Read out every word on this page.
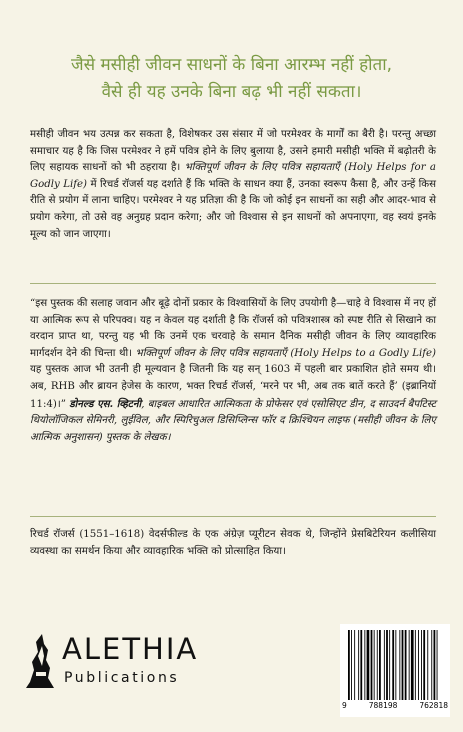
जैसे मसीही जीवन साधनों के बिना आरम्भ नहीं होता,
वैसे ही यह उनके बिना बढ़ भी नहीं सकता।
मसीही जीवन भय उत्पन्न कर सकता है, विशेषकर उस संसार में जो परमेश्वर के मार्गों का बैरी है। परन्तु अच्छा समाचार यह है कि जिस परमेश्वर ने हमें पवित्र होने के लिए बुलाया है, उसने हमारी मसीही भक्ति में बढ़ोतरी के लिए सहायक साधनों को भी ठहराया है। भक्तिपूर्ण जीवन के लिए पवित्र सहायताएँ (Holy Helps for a Godly Life) में रिचर्ड रॉजर्स यह दर्शाते हैं कि भक्ति के साधन क्या हैं, उनका स्वरूप कैसा है, और उन्हें किस रीति से प्रयोग में लाना चाहिए। परमेश्वर ने यह प्रतिज्ञा की है कि जो कोई इन साधनों का सही और आदर-भाव से प्रयोग करेगा, तो उसे वह अनुग्रह प्रदान करेगा; और जो विश्वास से इन साधनों को अपनाएगा, वह स्वयं इनके मूल्य को जान जाएगा।
“इस पुस्तक की सलाह जवान और बूढ़े दोनों प्रकार के विश्वासियों के लिए उपयोगी है—चाहे वे विश्वास में नए हों या आत्मिक रूप से परिपक्व। यह न केवल यह दर्शाती है कि रॉजर्स को पवित्रशास्त्र को स्पष्ट रीति से सिखाने का वरदान प्राप्त था, परन्तु यह भी कि उनमें एक चरवाहे के समान दैनिक मसीही जीवन के लिए व्यावहारिक मार्गदर्शन देने की चिन्ता थी। भक्तिपूर्ण जीवन के लिए पवित्र सहायताएँ (Holy Helps to a Godly Life) यह पुस्तक आज भी उतनी ही मूल्यवान है जितनी कि यह सन् 1603 में पहली बार प्रकाशित होते समय थी। अब, RHB और ब्रायन हेजेस के कारण, भक्त रिचर्ड रॉजर्स, ‘मरने पर भी, अब तक बातें करते हैं’ (इब्रानियों 11:4)।” डोनल्ड एस. व्हिटनी, बाइबल आधारित आत्मिकता के प्रोफेसर एवं एसोसिएट डीन, द साउदर्न बैपटिस्ट थियोलॉजिकल सेमिनरी, लुईविल, और स्पिरिचुअल डिसिप्लिन्स फॉर द क्रिश्चियन लाइफ (मसीही जीवन के लिए आत्मिक अनुशासन) पुस्तक के लेखक।
रिचर्ड रॉजर्स (1551–1618) वेदर्सफील्ड के एक अंग्रेज़ प्यूरीटन सेवक थे, जिन्होंने प्रेसबिटेरियन कलीसिया व्यवस्था का समर्थन किया और व्यावहारिक भक्ति को प्रोत्साहित किया।
ALETHIA
Publications
9	788198	762818
